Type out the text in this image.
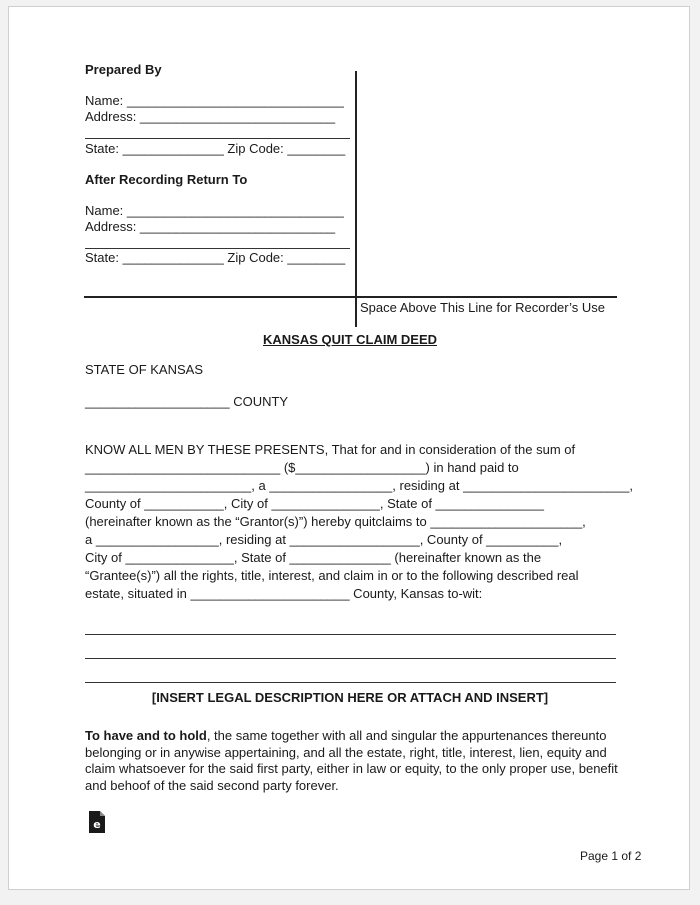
Prepared By
Name: ______________________________
Address: ___________________________
State: ______________ Zip Code: ________
After Recording Return To
Name: ______________________________
Address: ___________________________
State: ______________ Zip Code: ________
Space Above This Line for Recorder’s Use
KANSAS QUIT CLAIM DEED
STATE OF KANSAS
____________________ COUNTY
KNOW ALL MEN BY THESE PRESENTS, That for and in consideration of the sum of
___________________________ ($__________________) in hand paid to
_______________________, a _________________, residing at _______________________,
County of ___________, City of _______________, State of _______________
(hereinafter known as the “Grantor(s)”) hereby quitclaims to _____________________,
a _________________, residing at __________________, County of __________,
City of _______________, State of ______________ (hereinafter known as the
“Grantee(s)”) all the rights, title, interest, and claim in or to the following described real
estate, situated in ______________________ County, Kansas to-wit:
[INSERT LEGAL DESCRIPTION HERE OR ATTACH AND INSERT]
To have and to hold, the same together with all and singular the appurtenances thereunto belonging or in anywise appertaining, and all the estate, right, title, interest, lien, equity and claim whatsoever for the said first party, either in law or equity, to the only proper use, benefit and behoof of the said second party forever.
e
Page 1 of 2
